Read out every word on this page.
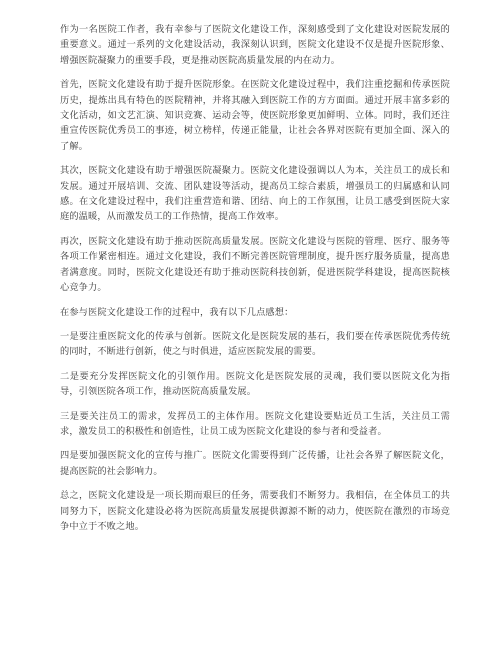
作为一名医院工作者，我有幸参与了医院文化建设工作，深刻感受到了文化建设对医院发展的重要意义。通过一系列的文化建设活动，我深刻认识到，医院文化建设不仅是提升医院形象、增强医院凝聚力的重要手段，更是推动医院高质量发展的内在动力。

首先，医院文化建设有助于提升医院形象。在医院文化建设过程中，我们注重挖掘和传承医院历史，提炼出具有特色的医院精神，并将其融入到医院工作的方方面面。通过开展丰富多彩的文化活动，如文艺汇演、知识竞赛、运动会等，使医院形象更加鲜明、立体。同时，我们还注重宣传医院优秀员工的事迹，树立榜样，传递正能量，让社会各界对医院有更加全面、深入的了解。

其次，医院文化建设有助于增强医院凝聚力。医院文化建设强调以人为本，关注员工的成长和发展。通过开展培训、交流、团队建设等活动，提高员工综合素质，增强员工的归属感和认同感。在文化建设过程中，我们注重营造和谐、团结、向上的工作氛围，让员工感受到医院大家庭的温暖，从而激发员工的工作热情，提高工作效率。

再次，医院文化建设有助于推动医院高质量发展。医院文化建设与医院的管理、医疗、服务等各项工作紧密相连。通过文化建设，我们不断完善医院管理制度，提升医疗服务质量，提高患者满意度。同时，医院文化建设还有助于推动医院科技创新，促进医院学科建设，提高医院核心竞争力。

在参与医院文化建设工作的过程中，我有以下几点感想：

一是要注重医院文化的传承与创新。医院文化是医院发展的基石，我们要在传承医院优秀传统的同时，不断进行创新，使之与时俱进，适应医院发展的需要。

二是要充分发挥医院文化的引领作用。医院文化是医院发展的灵魂，我们要以医院文化为指导，引领医院各项工作，推动医院高质量发展。

三是要关注员工的需求，发挥员工的主体作用。医院文化建设要贴近员工生活，关注员工需求，激发员工的积极性和创造性，让员工成为医院文化建设的参与者和受益者。

四是要加强医院文化的宣传与推广。医院文化需要得到广泛传播，让社会各界了解医院文化，提高医院的社会影响力。

总之，医院文化建设是一项长期而艰巨的任务，需要我们不断努力。我相信，在全体员工的共同努力下，医院文化建设必将为医院高质量发展提供源源不断的动力，使医院在激烈的市场竞争中立于不败之地。
